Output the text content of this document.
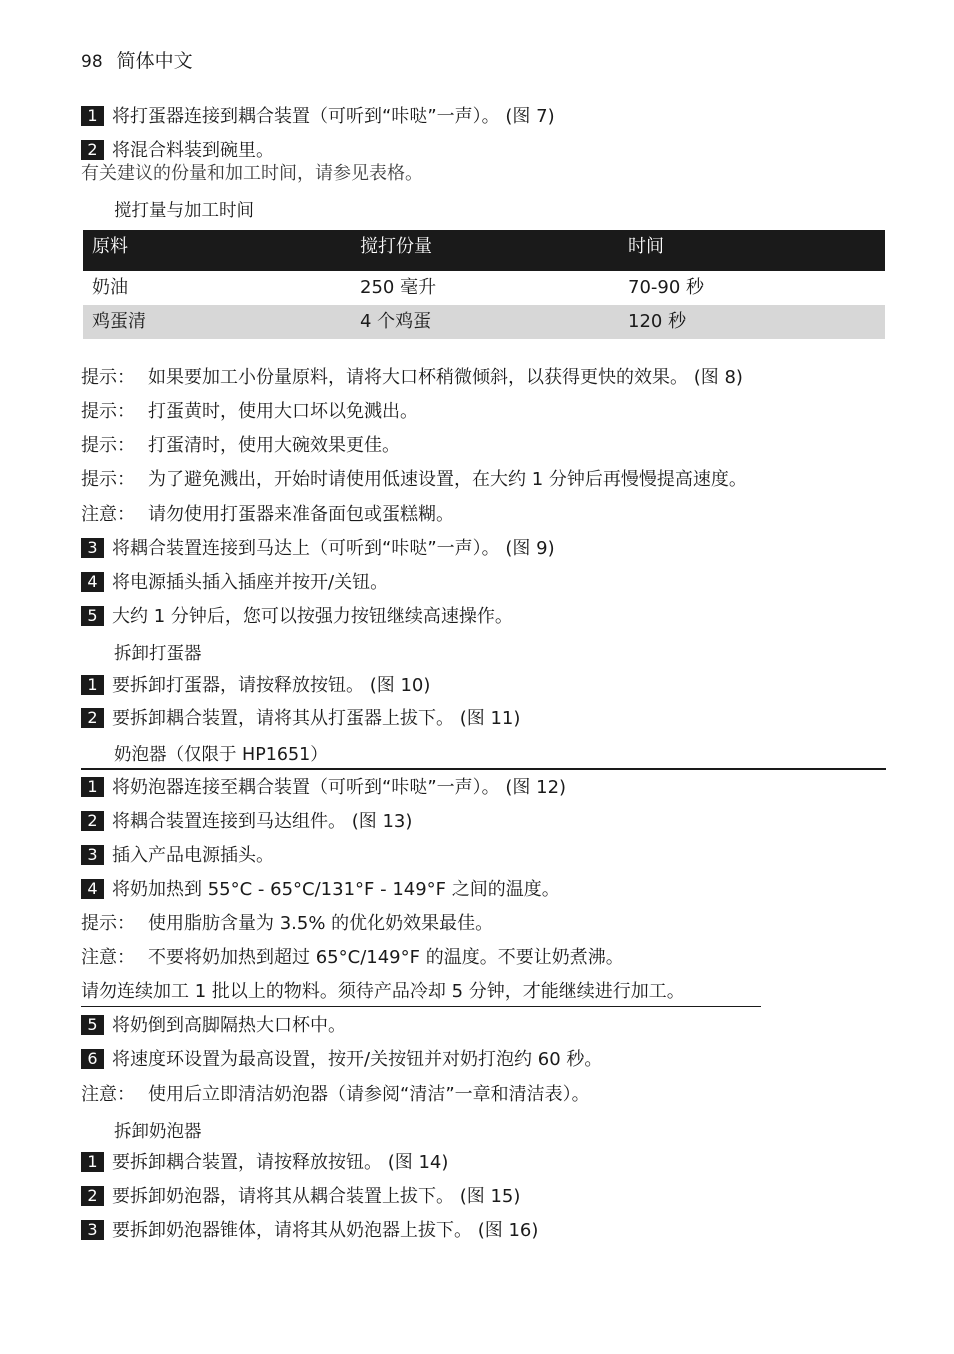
98 简体中文
1 将打蛋器连接到耦合装置（可听到“咔哒”一声）。 (图 7)
2 将混合料装到碗里。
有关建议的份量和加工时间，请参见表格。
搅打量与加工时间
原料	搅打份量	时间
奶油	250 毫升	70-90 秒
鸡蛋清	4 个鸡蛋	120 秒
提示： 如果要加工小份量原料，请将大口杯稍微倾斜，以获得更快的效果。 (图 8)
提示： 打蛋黄时，使用大口坏以免溅出。
提示： 打蛋清时，使用大碗效果更佳。
提示： 为了避免溅出，开始时请使用低速设置，在大约 1 分钟后再慢慢提高速度。
注意： 请勿使用打蛋器来准备面包或蛋糕糊。
3 将耦合装置连接到马达上（可听到“咔哒”一声）。 (图 9)
4 将电源插头插入插座并按开/关钮。
5 大约 1 分钟后，您可以按强力按钮继续高速操作。
拆卸打蛋器
1 要拆卸打蛋器，请按释放按钮。 (图 10)
2 要拆卸耦合装置，请将其从打蛋器上拔下。 (图 11)
奶泡器（仅限于 HP1651）
1 将奶泡器连接至耦合装置（可听到“咔哒”一声）。 (图 12)
2 将耦合装置连接到马达组件。 (图 13)
3 插入产品电源插头。
4 将奶加热到 55°C - 65°C/131°F - 149°F 之间的温度。
提示： 使用脂肪含量为 3.5% 的优化奶效果最佳。
注意： 不要将奶加热到超过 65°C/149°F 的温度。不要让奶煮沸。
请勿连续加工 1 批以上的物料。须待产品冷却 5 分钟，才能继续进行加工。
5 将奶倒到高脚隔热大口杯中。
6 将速度环设置为最高设置，按开/关按钮并对奶打泡约 60 秒。
注意： 使用后立即清洁奶泡器（请参阅“清洁”一章和清洁表）。
拆卸奶泡器
1 要拆卸耦合装置，请按释放按钮。 (图 14)
2 要拆卸奶泡器，请将其从耦合装置上拔下。 (图 15)
3 要拆卸奶泡器锥体，请将其从奶泡器上拔下。 (图 16)
